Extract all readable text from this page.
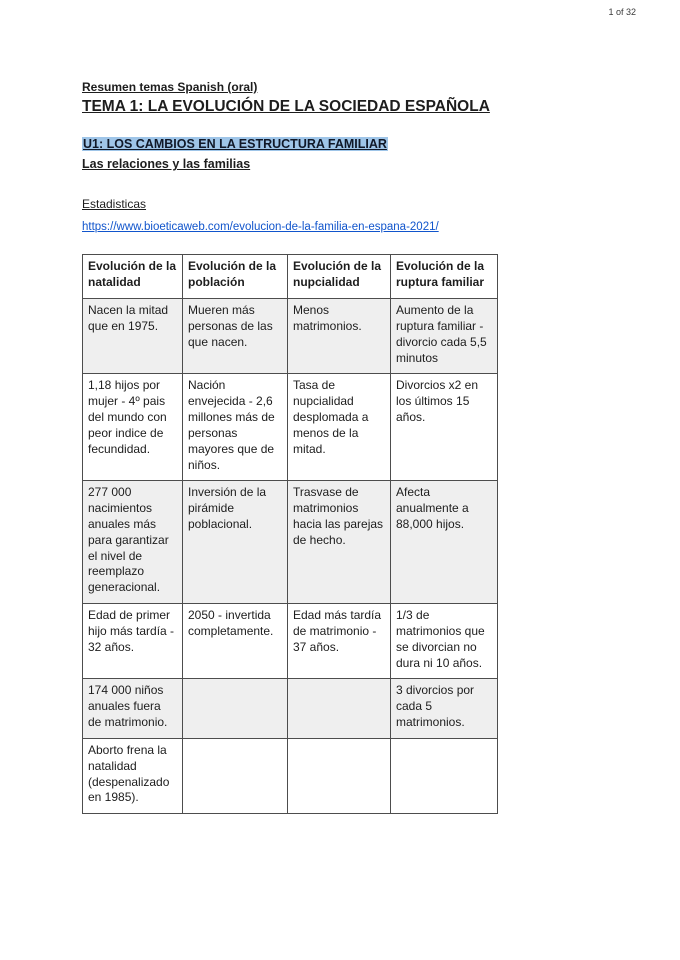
1 of 32
Resumen temas Spanish (oral)
TEMA 1: LA EVOLUCIÓN DE LA SOCIEDAD ESPAÑOLA
U1: LOS CAMBIOS EN LA ESTRUCTURA FAMILIAR
Las relaciones y las familias
Estadisticas
https://www.bioeticaweb.com/evolucion-de-la-familia-en-espana-2021/
Evolución de la natalidad	Evolución de la población	Evolución de la nupcialidad	Evolución de la ruptura familiar
Nacen la mitad que en 1975.	Mueren más personas de las que nacen.	Menos matrimonios.	Aumento de la ruptura familiar - divorcio cada 5,5 minutos
1,18 hijos por mujer - 4º pais del mundo con peor indice de fecundidad.	Nación envejecida - 2,6 millones más de personas mayores que de niños.	Tasa de nupcialidad desplomada a menos de la mitad.	Divorcios x2 en los últimos 15 años.
277 000 nacimientos anuales más para garantizar el nivel de reemplazo generacional.	Inversión de la pirámide poblacional.	Trasvase de matrimonios hacia las parejas de hecho.	Afecta anualmente a 88,000 hijos.
Edad de primer hijo más tardía - 32 años.	2050 - invertida completamente.	Edad más tardía de matrimonio - 37 años.	1/3 de matrimonios que se divorcian no dura ni 10 años.
174 000 niños anuales fuera de matrimonio.			3 divorcios por cada 5 matrimonios.
Aborto frena la natalidad (despenalizado en 1985).			
